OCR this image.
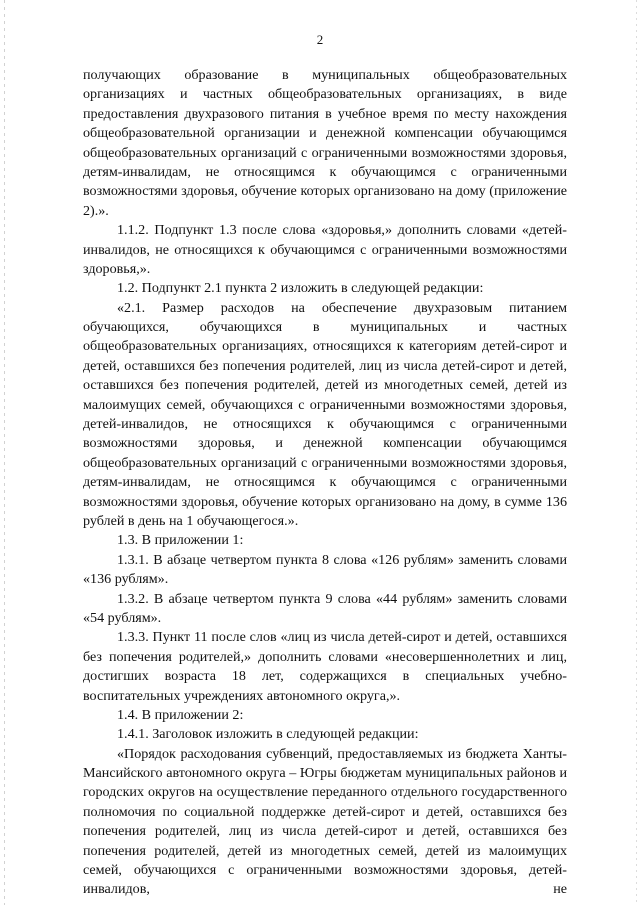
2

получающих образование в муниципальных общеобразовательных организациях и частных общеобразовательных организациях, в виде предоставления двухразового питания в учебное время по месту нахождения общеобразовательной организации и денежной компенсации обучающимся общеобразовательных организаций с ограниченными возможностями здоровья, детям-инвалидам, не относящимся к обучающимся с ограниченными возможностями здоровья, обучение которых организовано на дому (приложение 2).».

1.1.2. Подпункт 1.3 после слова «здоровья,» дополнить словами «детей-инвалидов, не относящихся к обучающимся с ограниченными возможностями здоровья,».

1.2. Подпункт 2.1 пункта 2 изложить в следующей редакции:

«2.1. Размер расходов на обеспечение двухразовым питанием обучающихся, обучающихся в муниципальных и частных общеобразовательных организациях, относящихся к категориям детей-сирот и детей, оставшихся без попечения родителей, лиц из числа детей-сирот и детей, оставшихся без попечения родителей, детей из многодетных семей, детей из малоимущих семей, обучающихся с ограниченными возможностями здоровья, детей-инвалидов, не относящихся к обучающимся с ограниченными возможностями здоровья, и денежной компенсации обучающимся общеобразовательных организаций с ограниченными возможностями здоровья, детям-инвалидам, не относящимся к обучающимся с ограниченными возможностями здоровья, обучение которых организовано на дому, в сумме 136 рублей в день на 1 обучающегося.».

1.3. В приложении 1:

1.3.1. В абзаце четвертом пункта 8 слова «126 рублям» заменить словами «136 рублям».

1.3.2. В абзаце четвертом пункта 9 слова «44 рублям» заменить словами «54 рублям».

1.3.3. Пункт 11 после слов «лиц из числа детей-сирот и детей, оставшихся без попечения родителей,» дополнить словами «несовершеннолетних и лиц, достигших возраста 18 лет, содержащихся в специальных учебно-воспитательных учреждениях автономного округа,».

1.4. В приложении 2:

1.4.1. Заголовок изложить в следующей редакции:

«Порядок расходования субвенций, предоставляемых из бюджета Ханты-Мансийского автономного округа – Югры бюджетам муниципальных районов и городских округов на осуществление переданного отдельного государственного полномочия по социальной поддержке детей-сирот и детей, оставшихся без попечения родителей, лиц из числа детей-сирот и детей, оставшихся без попечения родителей, детей из многодетных семей, детей из малоимущих семей, обучающихся с ограниченными возможностями здоровья, детей-инвалидов, не
